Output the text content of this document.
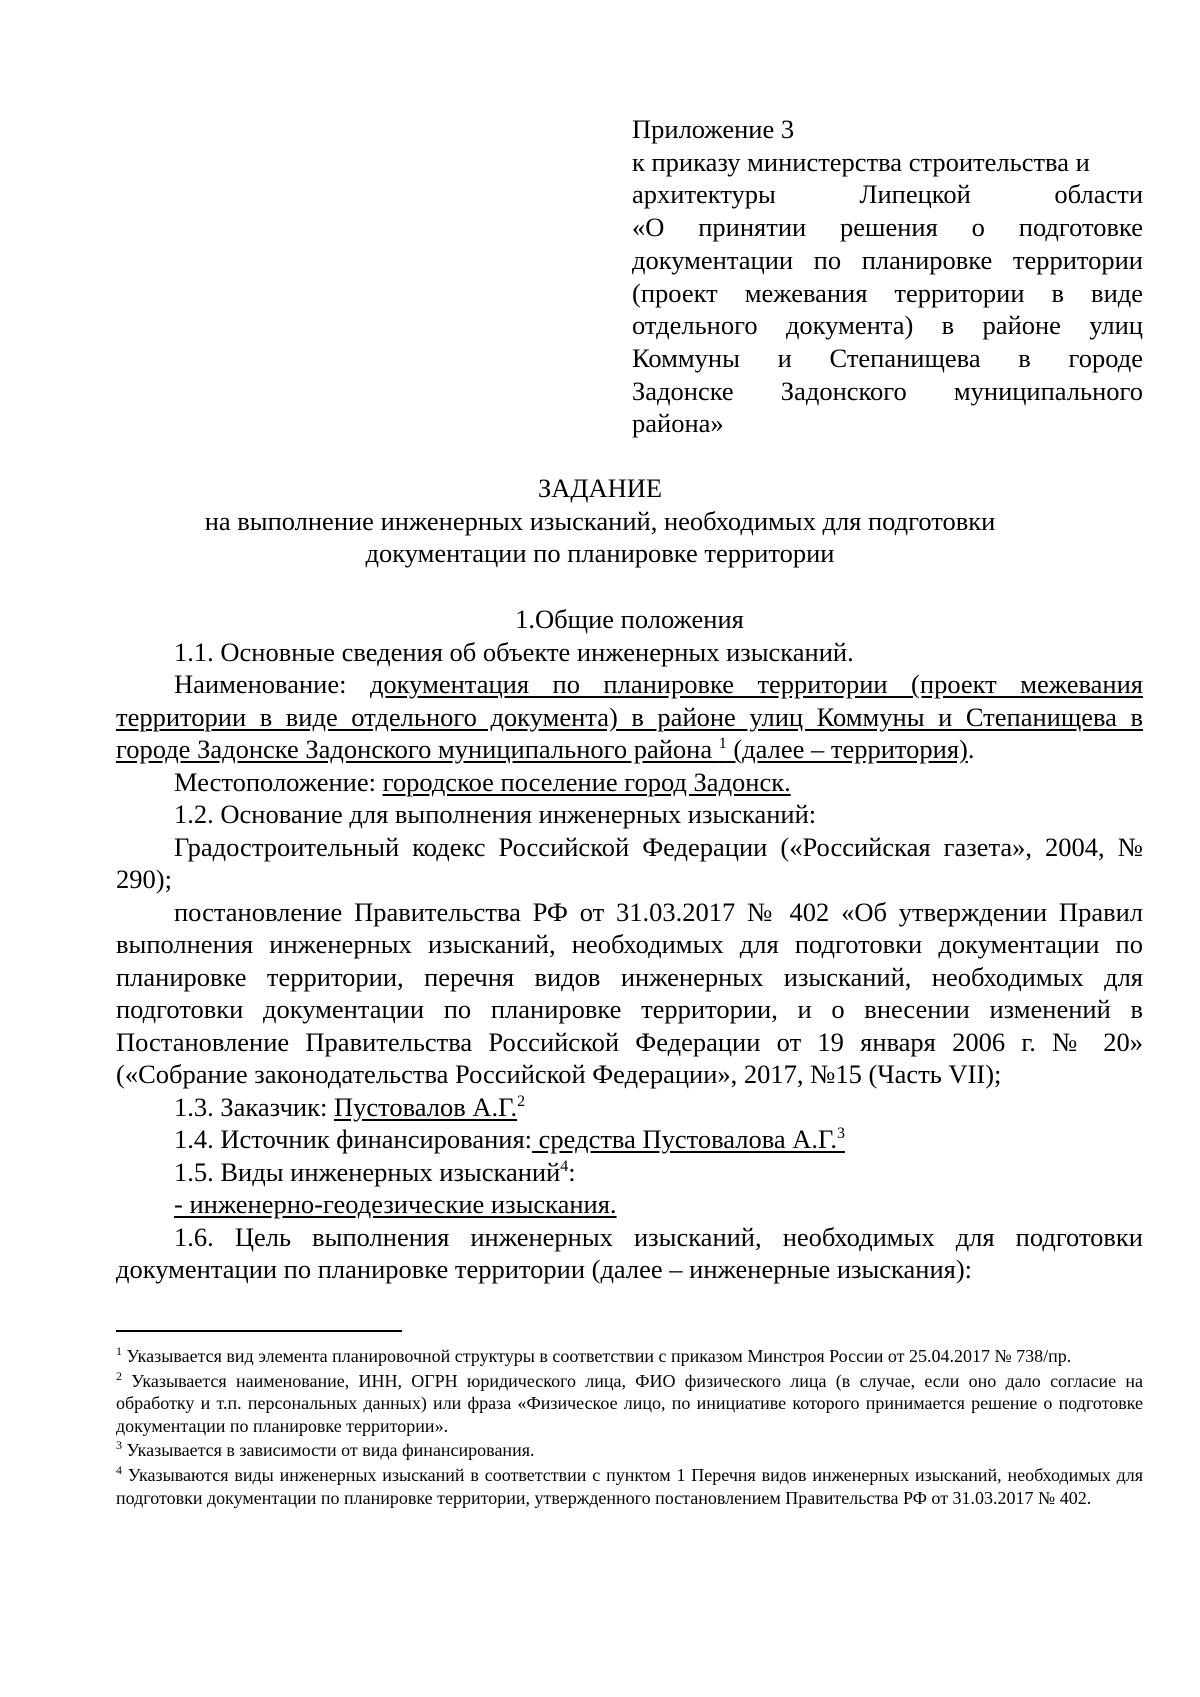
Приложение 3
к приказу министерства строительства и
архитектуры Липецкой области
«О принятии решения о подготовке
документации по планировке территории
(проект межевания территории в виде
отдельного документа) в районе улиц
Коммуны и Степанищева в городе
Задонске Задонского муниципального
района»
ЗАДАНИЕ
на выполнение инженерных изысканий, необходимых для подготовки
документации по планировке территории

1.Общие положения

1.1. Основные сведения об объекте инженерных изысканий.

Наименование: документация по планировке территории (проект межевания территории в виде отдельного документа) в районе улиц Коммуны и Степанищева в городе Задонске Задонского муниципального района $^1$ (далее – территория).

Местоположение: городское поселение город Задонск.

1.2. Основание для выполнения инженерных изысканий:

Градостроительный кодекс Российской Федерации («Российская газета», 2004, № 290);

постановление Правительства РФ от 31.03.2017 № 402 «Об утверждении Правил выполнения инженерных изысканий, необходимых для подготовки документации по планировке территории, перечня видов инженерных изысканий, необходимых для подготовки документации по планировке территории, и о внесении изменений в Постановление Правительства Российской Федерации от 19 января 2006 г. № 20» («Собрание законодательства Российской Федерации», 2017, №15 (Часть VII);

1.3. Заказчик: Пустовалов А.Г.$^2$

1.4. Источник финансирования: средства Пустовалова А.Г.$^3$

1.5. Виды инженерных изысканий$^4$:

- инженерно-геодезические изыскания.

1.6. Цель выполнения инженерных изысканий, необходимых для подготовки документации по планировке территории (далее – инженерные изыскания):

$^1$ Указывается вид элемента планировочной структуры в соответствии с приказом Минстроя России от 25.04.2017 № 738/пр.

$^2$ Указывается наименование, ИНН, ОГРН юридического лица, ФИО физического лица (в случае, если оно дало согласие на обработку и т.п. персональных данных) или фраза «Физическое лицо, по инициативе которого принимается решение о подготовке документации по планировке территории».

$^3$ Указывается в зависимости от вида финансирования.

$^4$ Указываются виды инженерных изысканий в соответствии с пунктом 1 Перечня видов инженерных изысканий, необходимых для подготовки документации по планировке территории, утвержденного постановлением Правительства РФ от 31.03.2017 № 402.
